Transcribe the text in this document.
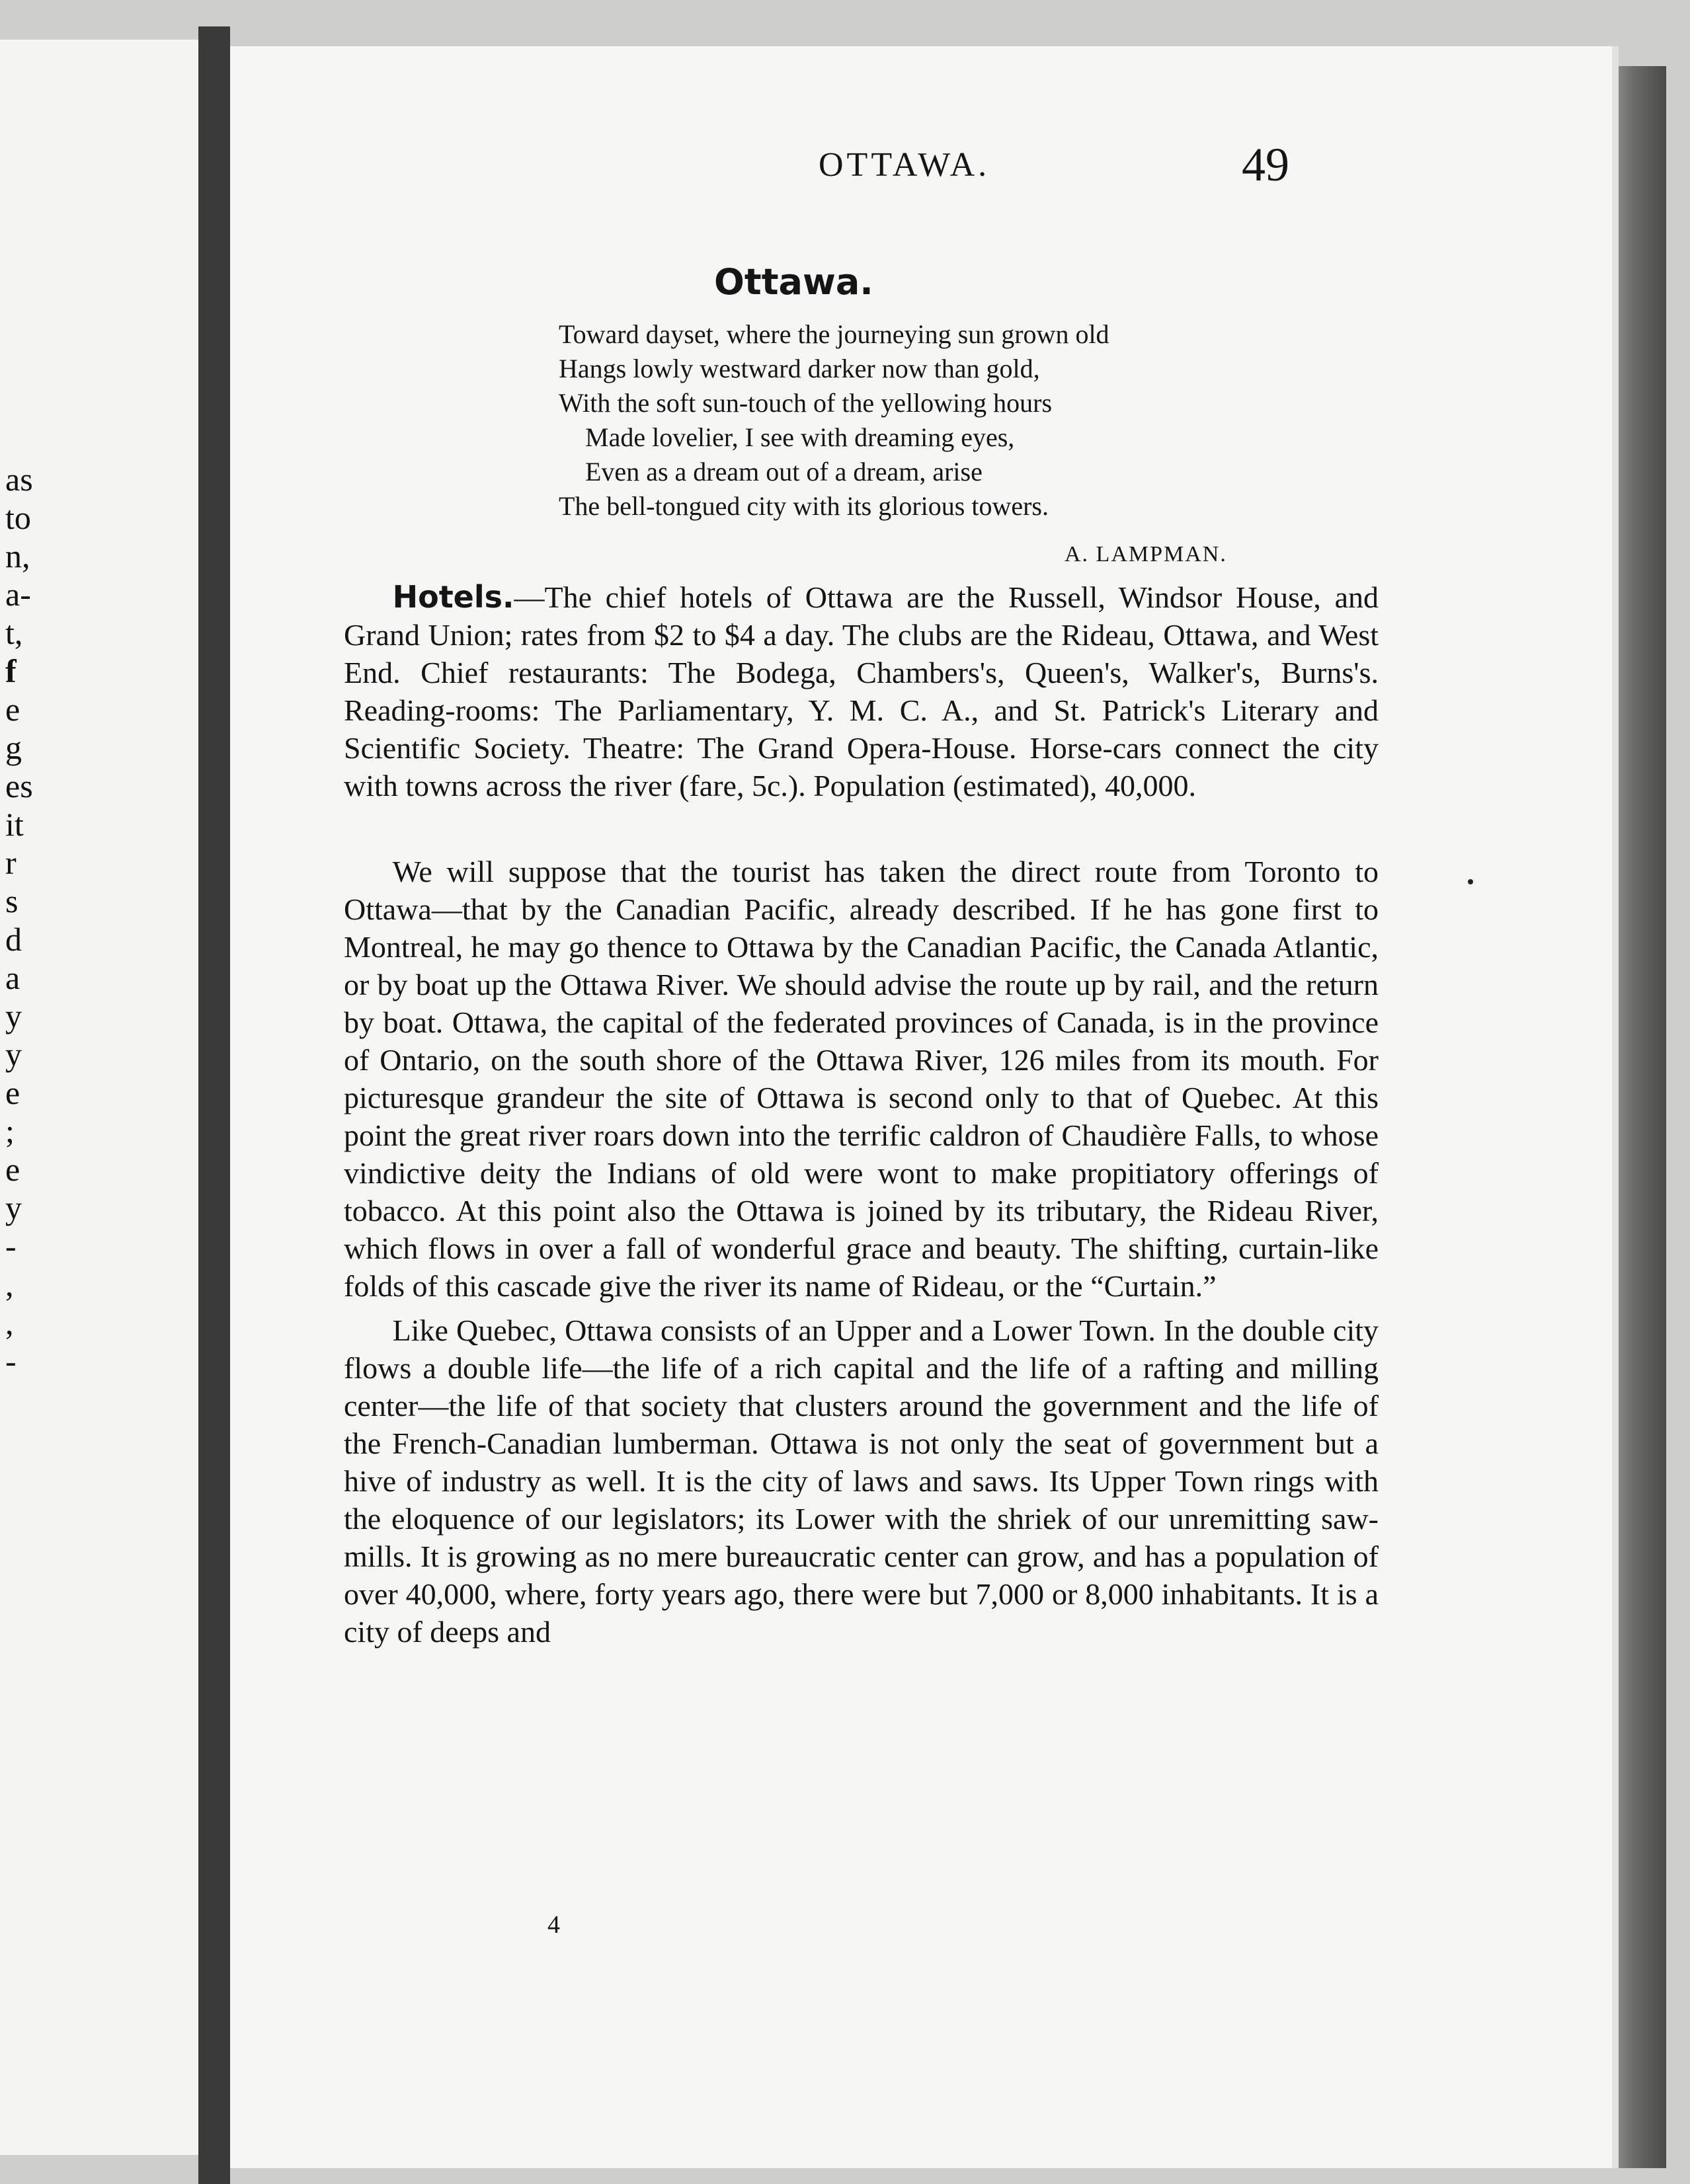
as
to
n,
a-
t,
f
e
g
es
it
r
s
d
a
y
y
e
;
e
y
-
,
,
-
OTTAWA.	49
Ottawa.
Toward dayset, where the journeying sun grown old
Hangs lowly westward darker now than gold,
With the soft sun-touch of the yellowing hours
Made lovelier, I see with dreaming eyes,
Even as a dream out of a dream, arise
The bell-tongued city with its glorious towers.
A. LAMPMAN.

Hotels.—The chief hotels of Ottawa are the Russell, Windsor House, and Grand Union; rates from $2 to $4 a day. The clubs are the Rideau, Ottawa, and West End. Chief restaurants: The Bodega, Chambers's, Queen's, Walker's, Burns's. Reading-rooms: The Parliamentary, Y. M. C. A., and St. Patrick's Literary and Scientific Society. Theatre: The Grand Opera-House. Horse-cars connect the city with towns across the river (fare, 5c.). Population (estimated), 40,000.

We will suppose that the tourist has taken the direct route from Toronto to Ottawa—that by the Canadian Pacific, already described. If he has gone first to Montreal, he may go thence to Ottawa by the Canadian Pacific, the Canada Atlantic, or by boat up the Ottawa River. We should advise the route up by rail, and the return by boat. Ottawa, the capital of the federated provinces of Canada, is in the province of Ontario, on the south shore of the Ottawa River, 126 miles from its mouth. For picturesque grandeur the site of Ottawa is second only to that of Quebec. At this point the great river roars down into the terrific caldron of Chaudière Falls, to whose vindictive deity the Indians of old were wont to make propitiatory offerings of tobacco. At this point also the Ottawa is joined by its tributary, the Rideau River, which flows in over a fall of wonderful grace and beauty. The shifting, curtain-like folds of this cascade give the river its name of Rideau, or the “Curtain.”

Like Quebec, Ottawa consists of an Upper and a Lower Town. In the double city flows a double life—the life of a rich capital and the life of a rafting and milling center—the life of that society that clusters around the government and the life of the French-Canadian lumberman. Ottawa is not only the seat of government but a hive of industry as well. It is the city of laws and saws. Its Upper Town rings with the eloquence of our legislators; its Lower with the shriek of our unremitting saw-mills. It is growing as no mere bureaucratic center can grow, and has a population of over 40,000, where, forty years ago, there were but 7,000 or 8,000 inhabitants. It is a city of deeps and

4
